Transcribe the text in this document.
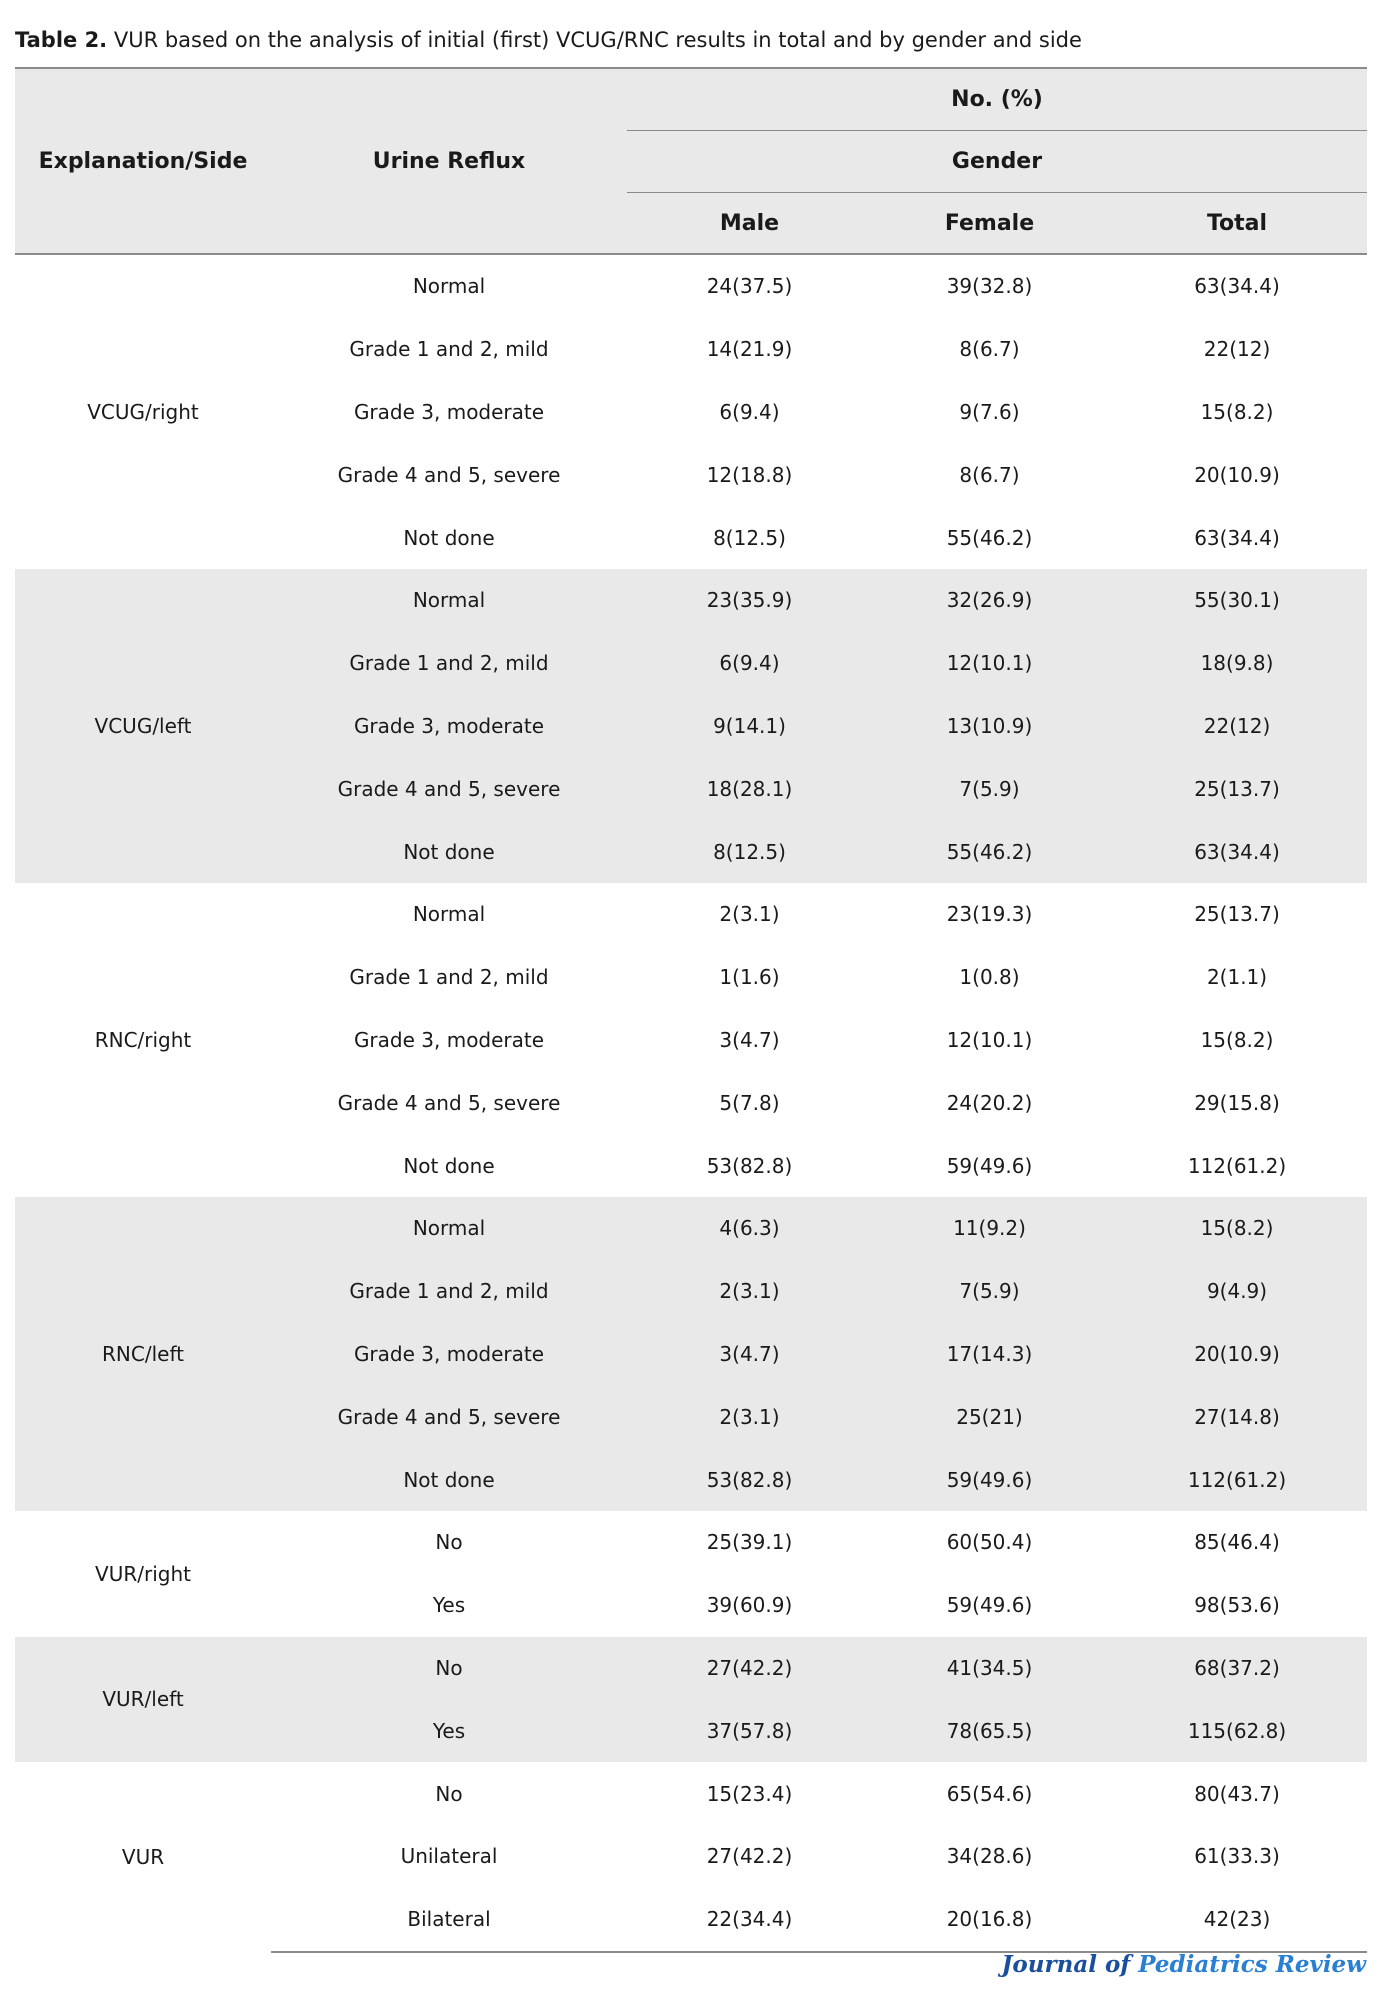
Table 2. VUR based on the analysis of initial (first) VCUG/RNC results in total and by gender and side
Explanation/Side	Urine Reflux	No. (%)		
		Gender		
		Male	Female	Total
VCUG/right	Normal	24(37.5)	39(32.8)	63(34.4)
	Grade 1 and 2, mild	14(21.9)	8(6.7)	22(12)
	Grade 3, moderate	6(9.4)	9(7.6)	15(8.2)
	Grade 4 and 5, severe	12(18.8)	8(6.7)	20(10.9)
	Not done	8(12.5)	55(46.2)	63(34.4)
VCUG/left	Normal	23(35.9)	32(26.9)	55(30.1)
	Grade 1 and 2, mild	6(9.4)	12(10.1)	18(9.8)
	Grade 3, moderate	9(14.1)	13(10.9)	22(12)
	Grade 4 and 5, severe	18(28.1)	7(5.9)	25(13.7)
	Not done	8(12.5)	55(46.2)	63(34.4)
RNC/right	Normal	2(3.1)	23(19.3)	25(13.7)
	Grade 1 and 2, mild	1(1.6)	1(0.8)	2(1.1)
	Grade 3, moderate	3(4.7)	12(10.1)	15(8.2)
	Grade 4 and 5, severe	5(7.8)	24(20.2)	29(15.8)
	Not done	53(82.8)	59(49.6)	112(61.2)
RNC/left	Normal	4(6.3)	11(9.2)	15(8.2)
	Grade 1 and 2, mild	2(3.1)	7(5.9)	9(4.9)
	Grade 3, moderate	3(4.7)	17(14.3)	20(10.9)
	Grade 4 and 5, severe	2(3.1)	25(21)	27(14.8)
	Not done	53(82.8)	59(49.6)	112(61.2)
VUR/right	No	25(39.1)	60(50.4)	85(46.4)
	Yes	39(60.9)	59(49.6)	98(53.6)
VUR/left	No	27(42.2)	41(34.5)	68(37.2)
	Yes	37(57.8)	78(65.5)	115(62.8)
VUR	No	15(23.4)	65(54.6)	80(43.7)
	Unilateral	27(42.2)	34(28.6)	61(33.3)
	Bilateral	22(34.4)	20(16.8)	42(23)
Journal of Pediatrics Review
